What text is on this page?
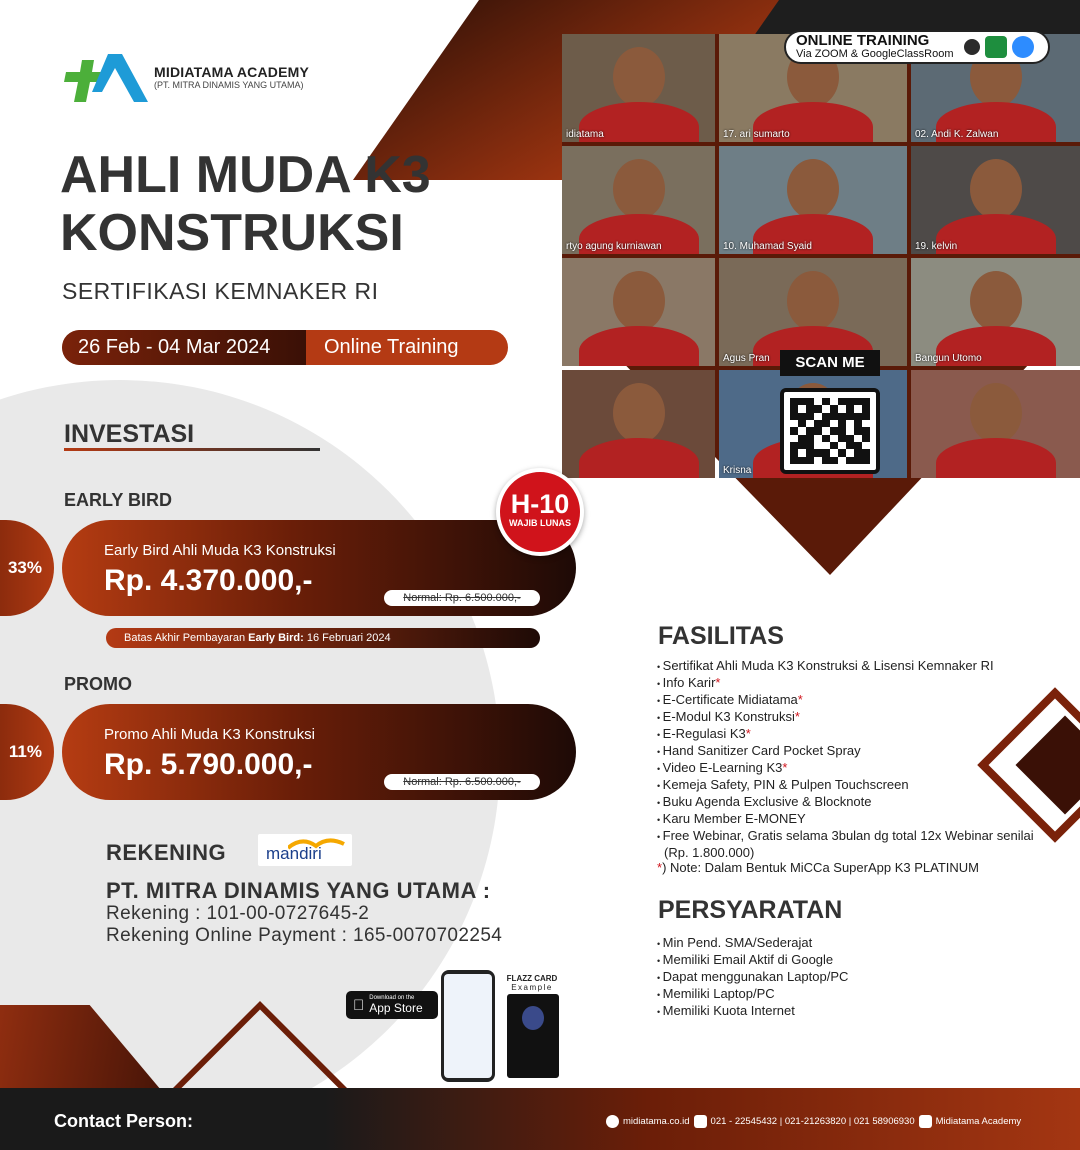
idiatama	17. ari sumarto	02. Andi K. Zalwan
rtyo agung kurniawan	10. Muhamad Syaid	19. kelvin
Agus Pran	Bangun Utomo
Krisna
ONLINE TRAINING
Via ZOOM & GoogleClassRoom
SCAN ME
MIDIATAMA ACADEMY
(PT. MITRA DINAMIS YANG UTAMA)
AHLI MUDA K3
KONSTRUKSI
SERTIFIKASI KEMNAKER RI
26 Feb - 04 Mar 2024	Online Training
INVESTASI
EARLY BIRD
33%
Early Bird Ahli Muda K3 Konstruksi
Rp. 4.370.000,-
Normal: Rp. 6.500.000,-
Batas Akhir Pembayaran Early Bird: 16 Februari 2024
H-10
WAJIB LUNAS
PROMO
11%
Promo Ahli Muda K3 Konstruksi
Rp. 5.790.000,-
Normal: Rp. 6.500.000,-
REKENING mandiri
PT. MITRA DINAMIS YANG UTAMA :
Rekening : 101-00-0727645-2
Rekening Online Payment : 165-0070702254
Download on the
App Store
FLAZZ CARD
Example
FASILITAS
• Sertifikat Ahli Muda K3 Konstruksi & Lisensi Kemnaker RI
• Info Karir*
• E-Certificate Midiatama*
• E-Modul K3 Konstruksi*
• E-Regulasi K3*
• Hand Sanitizer Card Pocket Spray
• Video E-Learning K3*
• Kemeja Safety, PIN & Pulpen Touchscreen
• Buku Agenda Exclusive & Blocknote
• Karu Member E-MONEY
• Free Webinar, Gratis selama 3bulan dg total 12x Webinar senilai (Rp. 1.800.000)
*) Note: Dalam Bentuk MiCCa SuperApp K3 PLATINUM
PERSYARATAN
• Min Pend. SMA/Sederajat
• Memiliki Email Aktif di Google
• Dapat menggunakan Laptop/PC
• Memiliki Laptop/PC
• Memiliki Kuota Internet
Contact Person:	midiatama.co.id 021 - 22545432 | 021-21263820 | 021 58906930 Midiatama Academy
